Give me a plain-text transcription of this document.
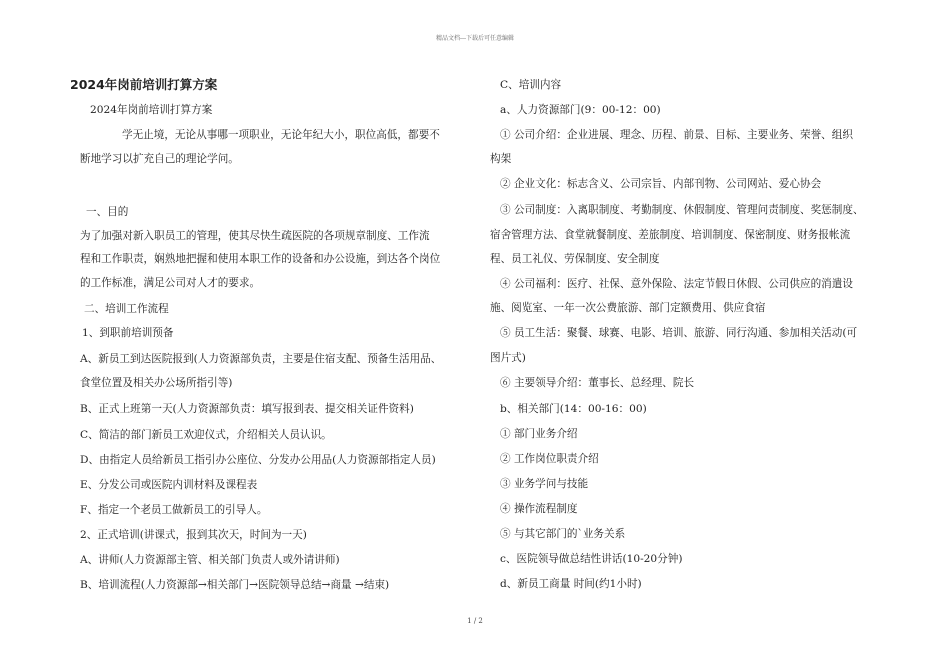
精品文档---下载后可任意编辑
2024年岗前培训打算方案
2024年岗前培训打算方案
学无止境，无论从事哪一项职业，无论年纪大小，职位高低，都要不
断地学习以扩充自己的理论学问。
一、目的
为了加强对新入职员工的管理，使其尽快生疏医院的各项规章制度、工作流
程和工作职责，娴熟地把握和使用本职工作的设备和办公设施，到达各个岗位
的工作标准，满足公司对人才的要求。
二、培训工作流程
1、到职前培训预备
A、新员工到达医院报到(人力资源部负责，主要是住宿支配、预备生活用品、
食堂位置及相关办公场所指引等)
B、正式上班第一天(人力资源部负责：填写报到表、提交相关证件资料)
C、简洁的部门新员工欢迎仪式，介绍相关人员认识。
D、由指定人员给新员工指引办公座位、分发办公用品(人力资源部指定人员)
E、分发公司或医院内训材料及课程表
F、指定一个老员工做新员工的引导人。
2、正式培训(讲课式，报到其次天，时间为一天)
A、讲师(人力资源部主管、相关部门负责人或外请讲师)
B、培训流程(人力资源部→相关部门→医院领导总结→商量 →结束)
C、培训内容
a、人力资源部门(9：00-12：00)
① 公司介绍：企业进展、理念、历程、前景、目标、主要业务、荣誉、组织
构架
② 企业文化：标志含义、公司宗旨、内部刊物、公司网站、爱心协会
③ 公司制度：入离职制度、考勤制度、休假制度、管理问责制度、奖惩制度、
宿舍管理方法、食堂就餐制度、差旅制度、培训制度、保密制度、财务报帐流
程、员工礼仪、劳保制度、安全制度
④ 公司福利：医疗、社保、意外保险、法定节假日休假、公司供应的消遣设
施、阅览室、一年一次公费旅游、部门定额费用、供应食宿
⑤ 员工生活：聚餐、球赛、电影、培训、旅游、同行沟通、参加相关活动(可
图片式)
⑥ 主要领导介绍：董事长、总经理、院长
b、相关部门(14：00-16：00)
① 部门业务介绍
② 工作岗位职责介绍
③ 业务学问与技能
④ 操作流程制度
⑤ 与其它部门的`业务关系
c、医院领导做总结性讲话(10-20分钟)
d、新员工商量 时间(约1小时)
1 / 2
